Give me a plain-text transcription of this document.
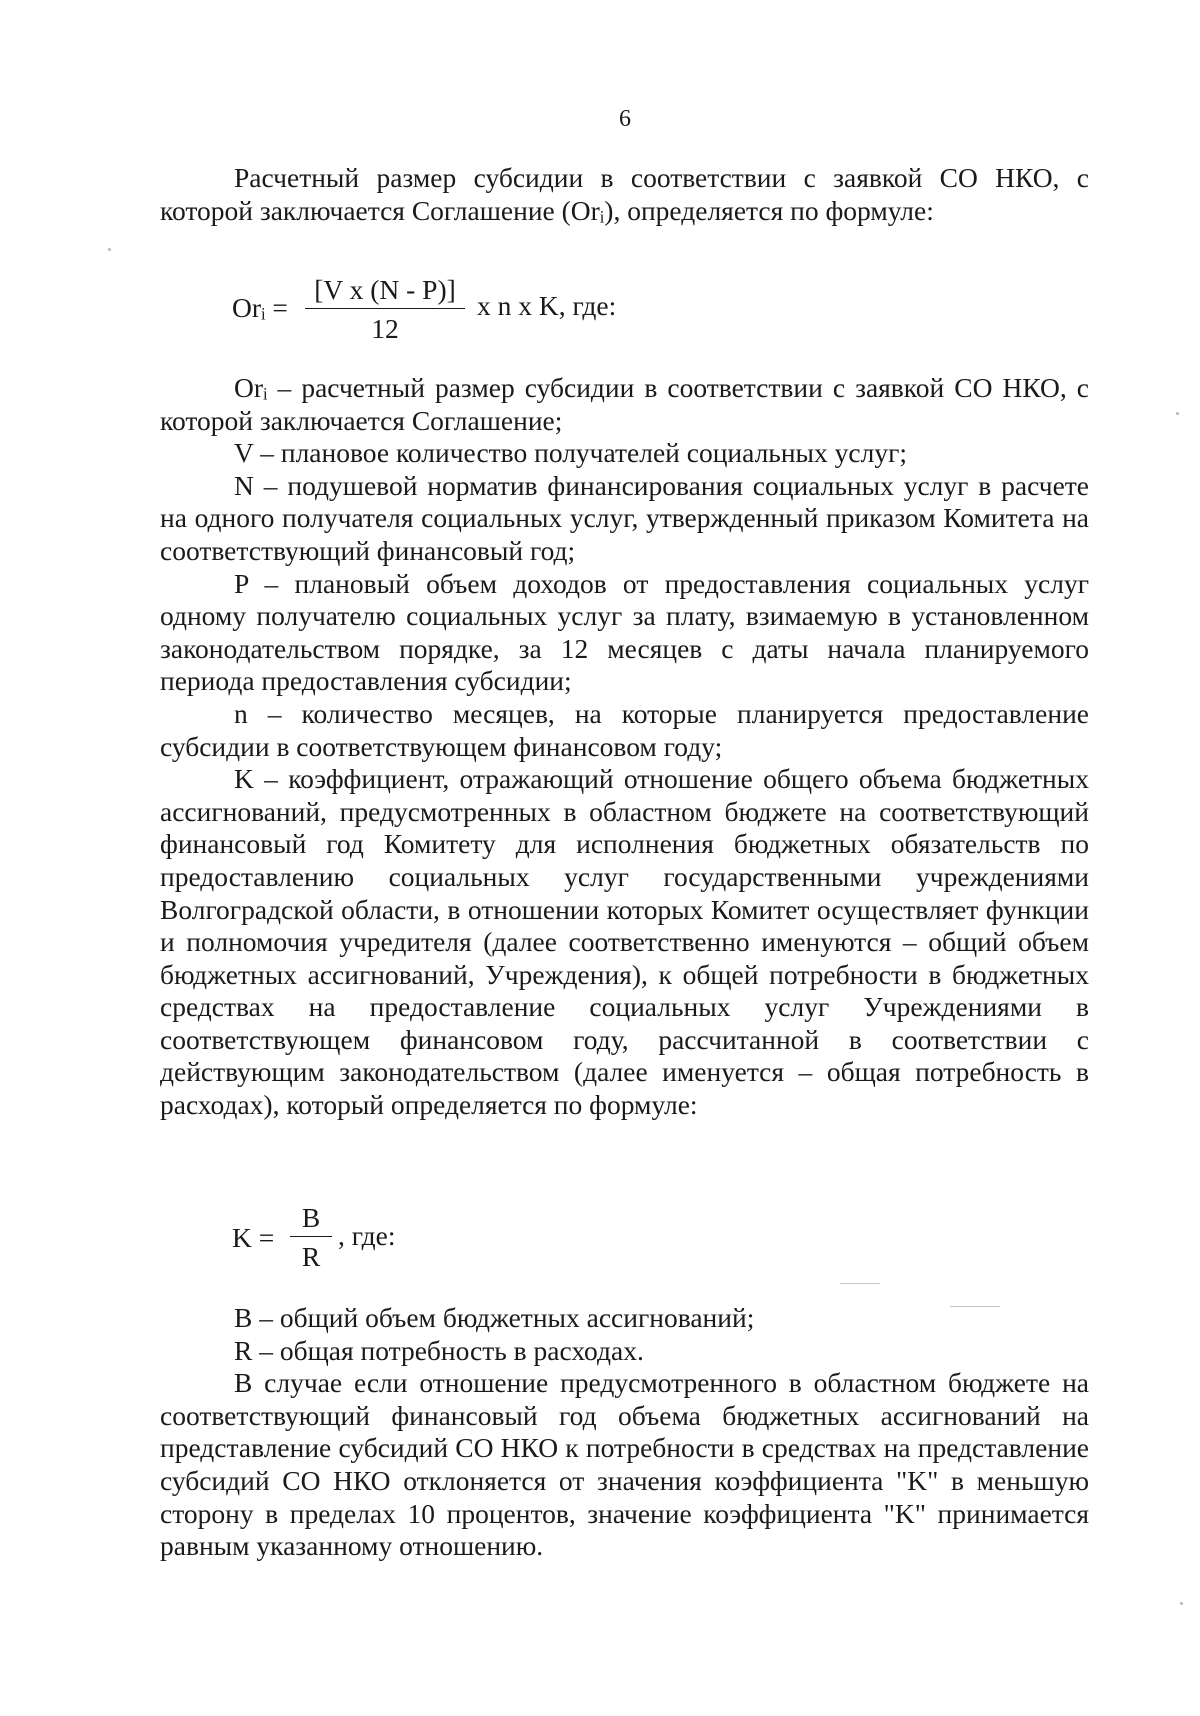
6

Расчетный размер субсидии в соответствии с заявкой СО НКО, с которой заключается Соглашение (Orᵢ), определяется по формуле:

Orᵢ = $\frac{\text{[V x (N - P)]}}{12}$ x n x K, где:

Orᵢ – расчетный размер субсидии в соответствии с заявкой СО НКО, с которой заключается Соглашение;

V – плановое количество получателей социальных услуг;

N – подушевой норматив финансирования социальных услуг в расчете на одного получателя социальных услуг, утвержденный приказом Комитета на соответствующий финансовый год;

P – плановый объем доходов от предоставления социальных услуг одному получателю социальных услуг за плату, взимаемую в установленном законодательством порядке, за 12 месяцев с даты начала планируемого периода предоставления субсидии;

n – количество месяцев, на которые планируется предоставление субсидии в соответствующем финансовом году;

K – коэффициент, отражающий отношение общего объема бюджетных ассигнований, предусмотренных в областном бюджете на соответствующий финансовый год Комитету для исполнения бюджетных обязательств по предоставлению социальных услуг государственными учреждениями Волгоградской области, в отношении которых Комитет осуществляет функции и полномочия учредителя (далее соответственно именуются – общий объем бюджетных ассигнований, Учреждения), к общей потребности в бюджетных средствах на предоставление социальных услуг Учреждениями в соответствующем финансовом году, рассчитанной в соответствии с действующим законодательством (далее именуется – общая потребность в расходах), который определяется по формуле:

$K = \frac{B}{R}$ , где:

B – общий объем бюджетных ассигнований;

R – общая потребность в расходах.

В случае если отношение предусмотренного в областном бюджете на соответствующий финансовый год объема бюджетных ассигнований на представление субсидий СО НКО к потребности в средствах на представление субсидий СО НКО отклоняется от значения коэффициента "K" в меньшую сторону в пределах 10 процентов, значение коэффициента "K" принимается равным указанному отношению.
